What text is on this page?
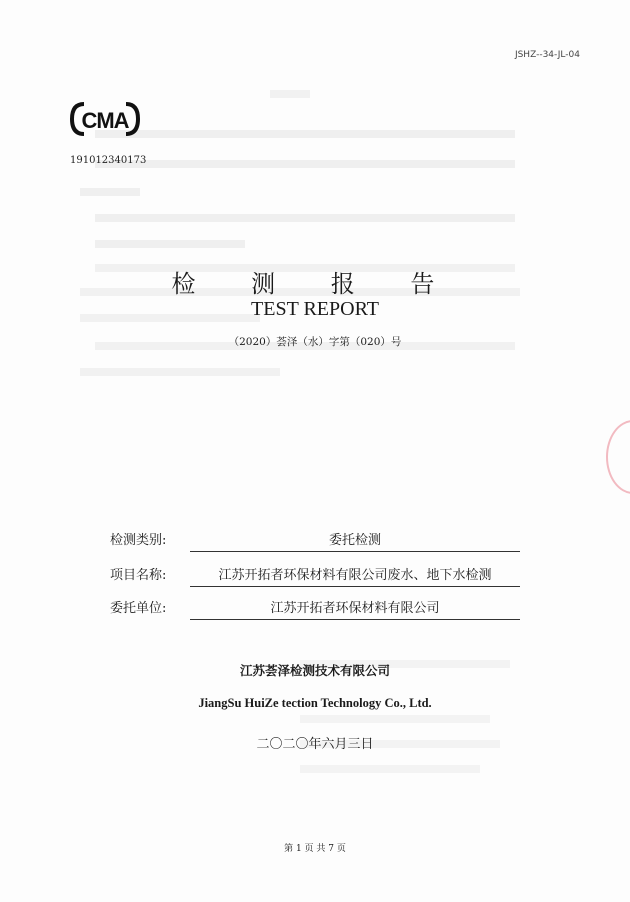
JSHZ--34-JL-04
CMA
191012340173
检 测 报 告
TEST REPORT
（2020）荟泽（水）字第（020）号
检测类别:	委托检测
项目名称:	江苏开拓者环保材料有限公司废水、地下水检测
委托单位:	江苏开拓者环保材料有限公司
江苏荟泽检测技术有限公司
JiangSu HuiZe tection Technology Co., Ltd.
二〇二〇年六月三日
第 1 页 共 7 页
